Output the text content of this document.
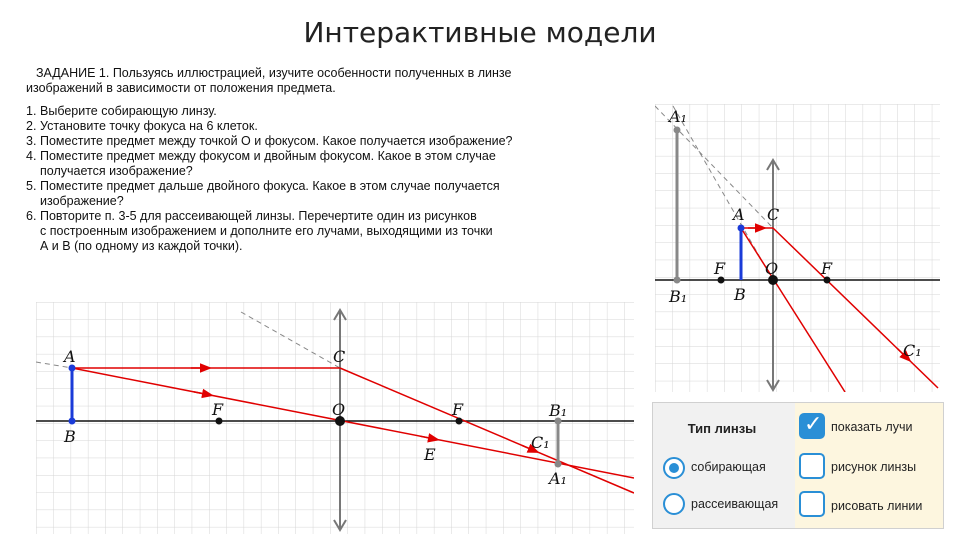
Интерактивные модели
ЗАДАНИЕ 1. Пользуясь иллюстрацией, изучите особенности полученных в линзе
изображений в зависимости от положения предмета.
1. Выберите собирающую линзу.
2. Установите точку фокуса на 6 клеток.
3. Поместите предмет между точкой О и фокусом. Какое получается изображение?
4. Поместите предмет между фокусом и двойным фокусом. Какое в этом случае
получается изображение?
5. Поместите предмет дальше двойного фокуса. Какое в этом случае получается
изображение?
6. Повторите п. 3-5 для рассеивающей линзы. Перечертите один из рисунков
с построенным изображением и дополните его лучами, выходящими из точки
А и В (по одному из каждой точки).
A
B
C
O
F	F
E
C₁
A₁
B₁
A₁
A C
F O	F
B₁	B
C₁
Тип линзы
собирающая
рассеивающая
✓
показать лучи
рисунок линзы
рисовать линии
